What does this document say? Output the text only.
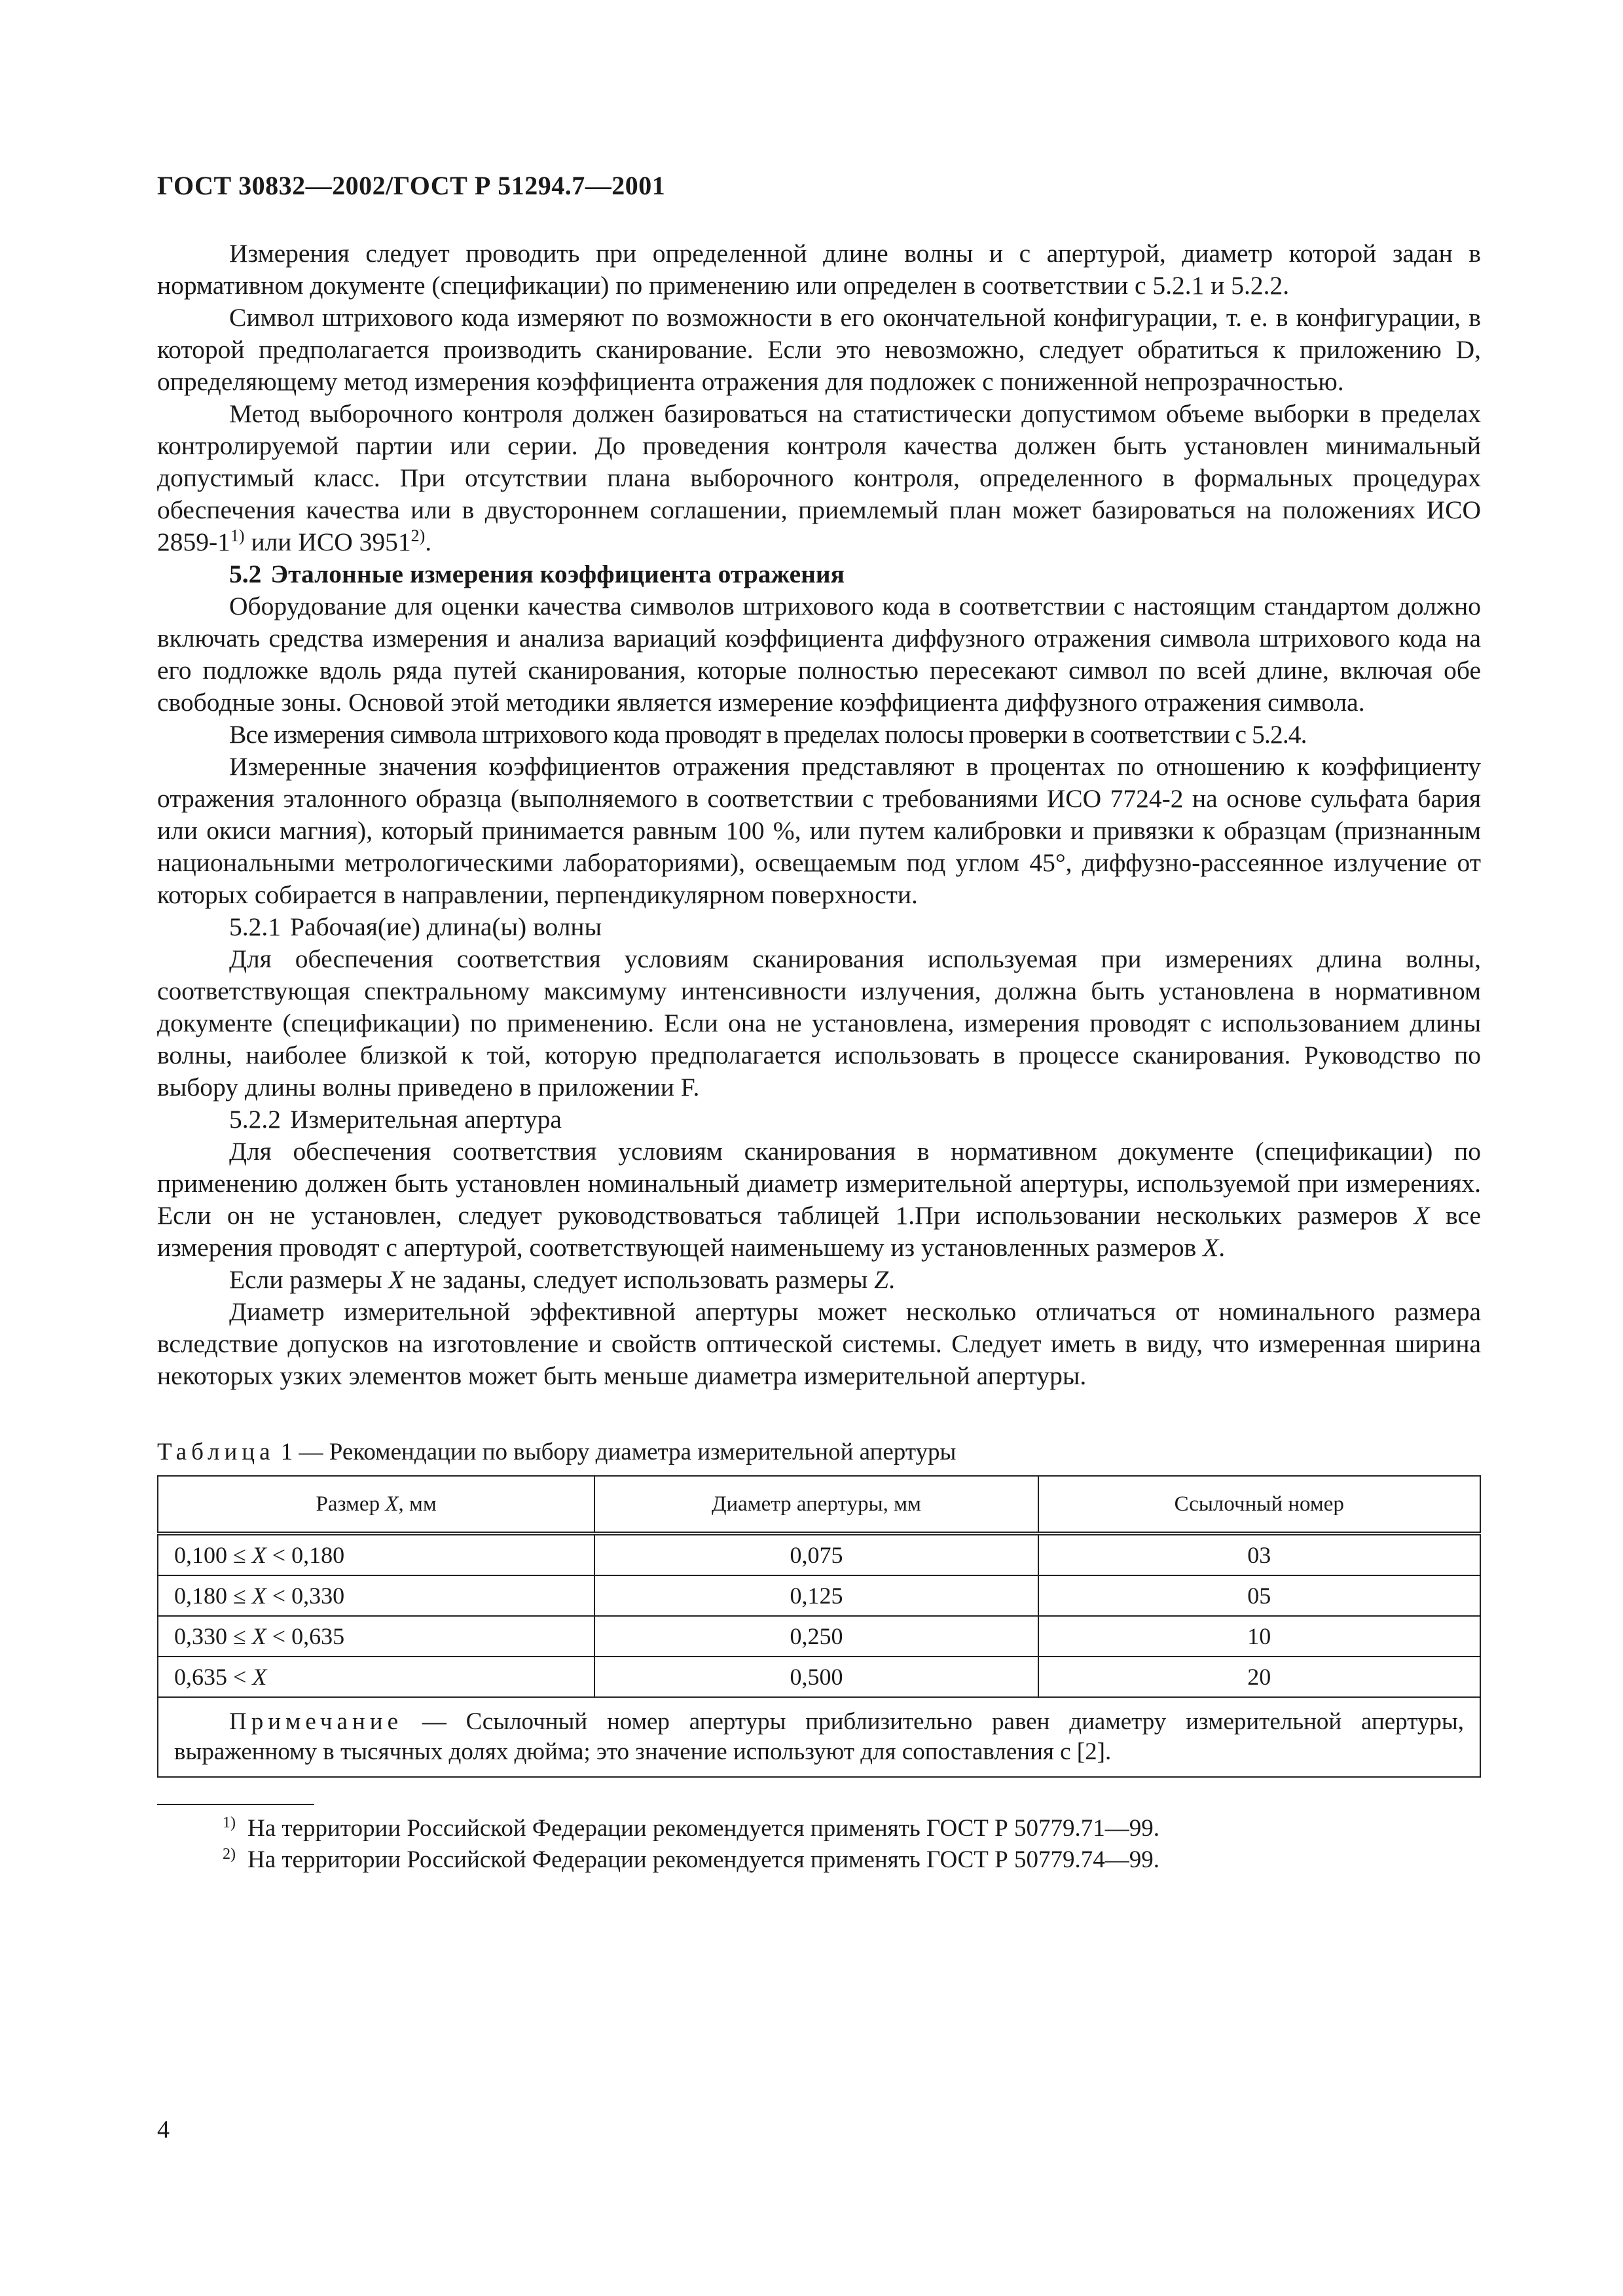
ГОСТ 30832—2002/ГОСТ Р 51294.7—2001

Измерения следует проводить при определенной длине волны и с апертурой, диаметр которой задан в нормативном документе (спецификации) по применению или определен в соответствии с 5.2.1 и 5.2.2.

Символ штрихового кода измеряют по возможности в его окончательной конфигурации, т. е. в конфигурации, в которой предполагается производить сканирование. Если это невозможно, следует обратиться к приложению D, определяющему метод измерения коэффициента отражения для подложек с пониженной непрозрачностью.

Метод выборочного контроля должен базироваться на статистически допустимом объеме выборки в пределах контролируемой партии или серии. До проведения контроля качества должен быть установлен минимальный допустимый класс. При отсутствии плана выборочного контроля, определенного в формальных процедурах обеспечения качества или в двустороннем соглашении, приемлемый план может базироваться на положениях ИСО 2859-1$^{1)}$ или ИСО 3951$^{2)}$.

5.2 Эталонные измерения коэффициента отражения

Оборудование для оценки качества символов штрихового кода в соответствии с настоящим стандартом должно включать средства измерения и анализа вариаций коэффициента диффузного отражения символа штрихового кода на его подложке вдоль ряда путей сканирования, которые полностью пересекают символ по всей длине, включая обе свободные зоны. Основой этой методики является измерение коэффициента диффузного отражения символа.

Все измерения символа штрихового кода проводят в пределах полосы проверки в соответствии с 5.2.4.

Измеренные значения коэффициентов отражения представляют в процентах по отношению к коэффициенту отражения эталонного образца (выполняемого в соответствии с требованиями ИСО 7724-2 на основе сульфата бария или окиси магния), который принимается равным 100 %, или путем калибровки и привязки к образцам (признанным национальными метрологическими лабораториями), освещаемым под углом 45°, диффузно-рассеянное излучение от которых собирается в направлении, перпендикулярном поверхности.

5.2.1 Рабочая(ие) длина(ы) волны

Для обеспечения соответствия условиям сканирования используемая при измерениях длина волны, соответствующая спектральному максимуму интенсивности излучения, должна быть установлена в нормативном документе (спецификации) по применению. Если она не установлена, измерения проводят с использованием длины волны, наиболее близкой к той, которую предполагается использовать в процессе сканирования. Руководство по выбору длины волны приведено в приложении F.

5.2.2 Измерительная апертура

Для обеспечения соответствия условиям сканирования в нормативном документе (спецификации) по применению должен быть установлен номинальный диаметр измерительной апертуры, используемой при измерениях. Если он не установлен, следует руководствоваться таблицей 1.При использовании нескольких размеров X все измерения проводят с апертурой, соответствующей наименьшему из установленных размеров X.

Если размеры X не заданы, следует использовать размеры Z.

Диаметр измерительной эффективной апертуры может несколько отличаться от номинального размера вследствие допусков на изготовление и свойств оптической системы. Следует иметь в виду, что измеренная ширина некоторых узких элементов может быть меньше диаметра измерительной апертуры.

Таблица 1 — Рекомендации по выбору диаметра измерительной апертуры
Размер X, мм	Диаметр апертуры, мм	Ссылочный номер
0,100 ≤ X < 0,180	0,075	03
0,180 ≤ X < 0,330	0,125	05
0,330 ≤ X < 0,635	0,250	10
0,635 < X	0,500	20
Примечание — Ссылочный номер апертуры приблизительно равен диаметру измерительной апертуры, выраженному в тысячных долях дюйма; это значение используют для сопоставления с [2].		
$^{1)}$ На территории Российской Федерации рекомендуется применять ГОСТ Р 50779.71—99.
$^{2)}$ На территории Российской Федерации рекомендуется применять ГОСТ Р 50779.74—99.
4
